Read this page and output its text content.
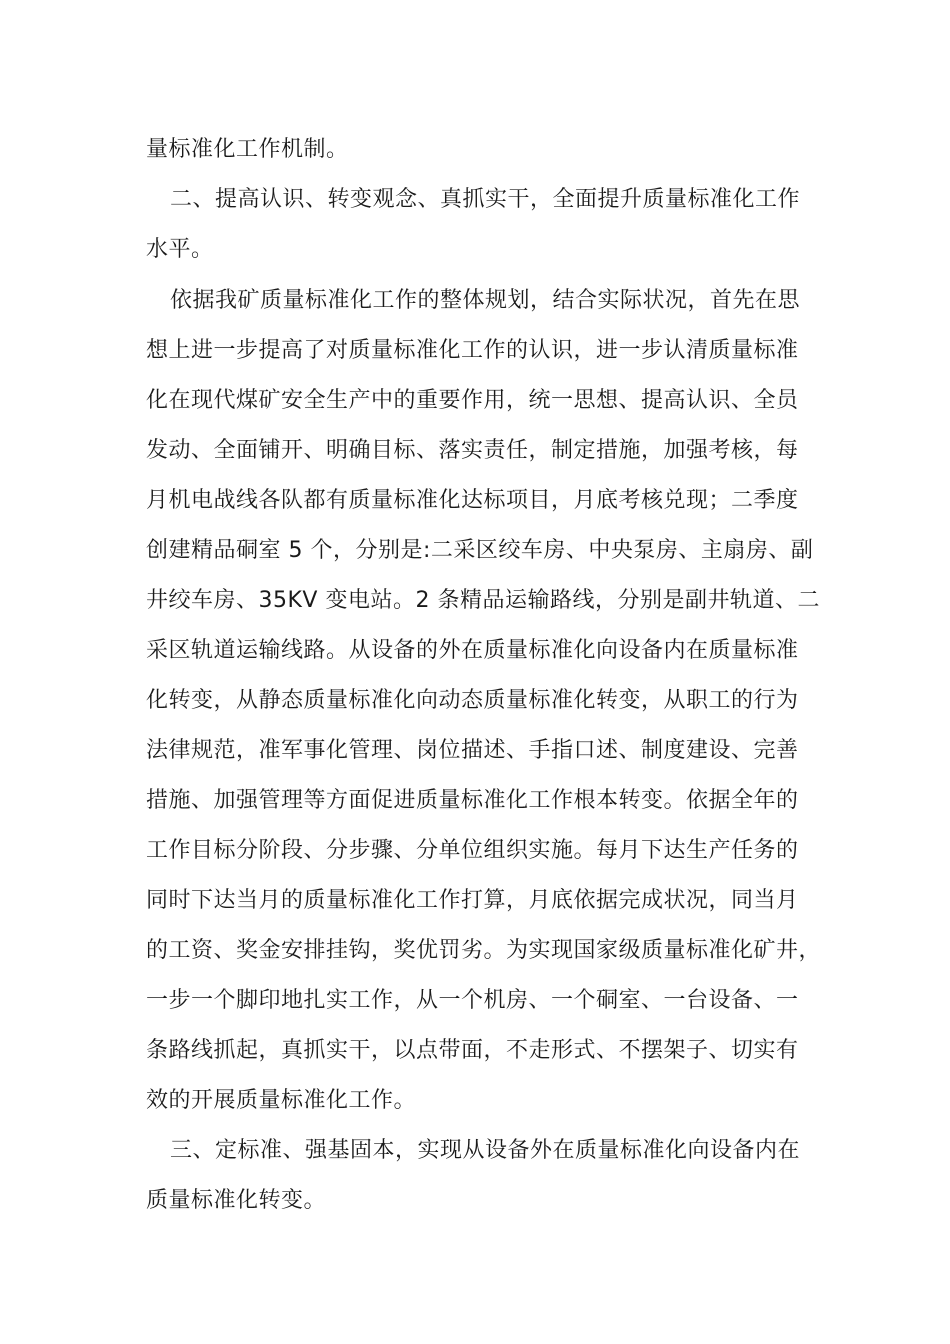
量标准化工作机制。
二、提高认识、转变观念、真抓实干，全面提升质量标准化工作
水平。
依据我矿质量标准化工作的整体规划，结合实际状况，首先在思
想上进一步提高了对质量标准化工作的认识，进一步认清质量标准
化在现代煤矿安全生产中的重要作用，统一思想、提高认识、全员
发动、全面铺开、明确目标、落实责任，制定措施，加强考核，每
月机电战线各队都有质量标准化达标项目，月底考核兑现；二季度
创建精品硐室 5 个，分别是:二采区绞车房、中央泵房、主扇房、副
井绞车房、35KV 变电站。2 条精品运输路线，分别是副井轨道、二
采区轨道运输线路。从设备的外在质量标准化向设备内在质量标准
化转变，从静态质量标准化向动态质量标准化转变，从职工的行为
法律规范，准军事化管理、岗位描述、手指口述、制度建设、完善
措施、加强管理等方面促进质量标准化工作根本转变。依据全年的
工作目标分阶段、分步骤、分单位组织实施。每月下达生产任务的
同时下达当月的质量标准化工作打算，月底依据完成状况，同当月
的工资、奖金安排挂钩，奖优罚劣。为实现国家级质量标准化矿井，
一步一个脚印地扎实工作，从一个机房、一个硐室、一台设备、一
条路线抓起，真抓实干，以点带面，不走形式、不摆架子、切实有
效的开展质量标准化工作。
三、定标准、强基固本，实现从设备外在质量标准化向设备内在
质量标准化转变。
